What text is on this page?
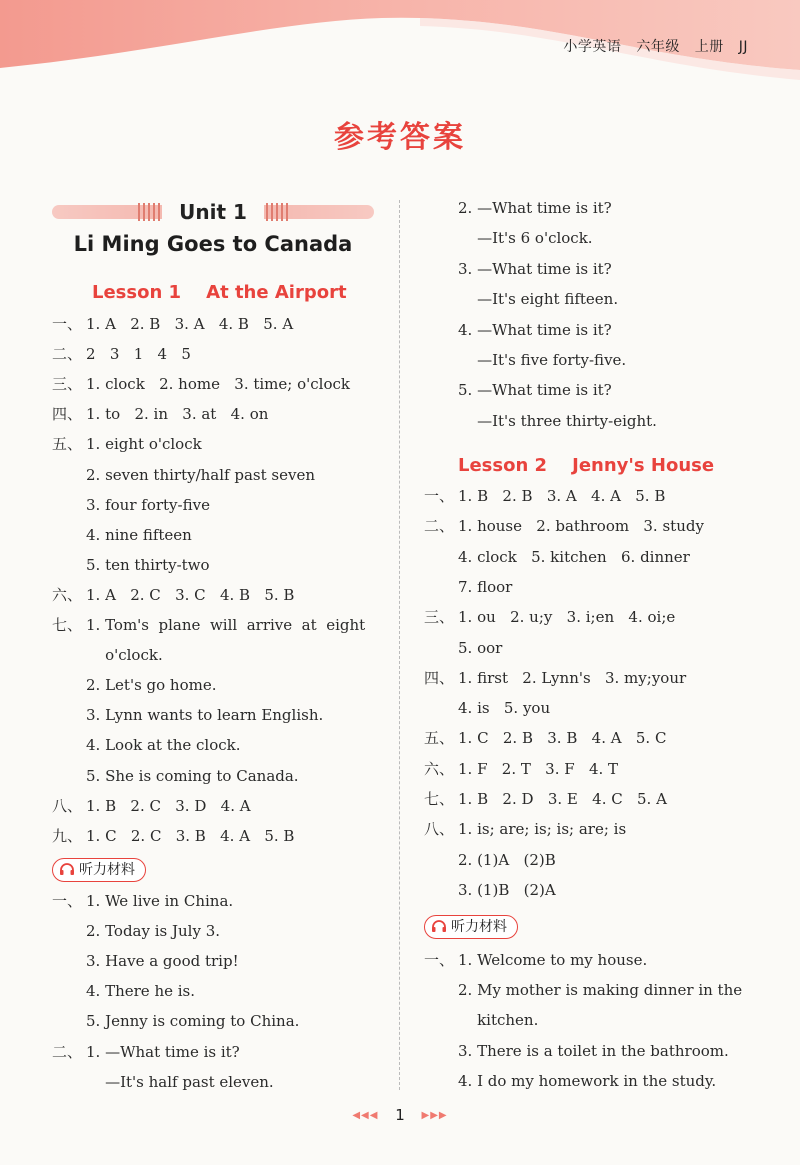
小学英语 六年级 上册 JJ
参考答案
Unit 1
Li Ming Goes to Canada
Lesson 1    At the Airport
一、 1. A   2. B   3. A   4. B   5. A
二、 2   3   1   4   5
三、 1. clock   2. home   3. time; o'clock
四、 1. to   2. in   3. at   4. on
五、 1. eight o'clock
2. seven thirty/half past seven
3. four forty-five
4. nine fifteen
5. ten thirty-two
六、 1. A   2. C   3. C   4. B   5. B
七、 1. Tom's  plane  will  arrive  at  eight
o'clock.
2. Let's go home.
3. Lynn wants to learn English.
4. Look at the clock.
5. She is coming to Canada.
八、 1. B   2. C   3. D   4. A
九、 1. C   2. C   3. B   4. A   5. B
听力材料
一、 1. We live in China.
2. Today is July 3.
3. Have a good trip!
4. There he is.
5. Jenny is coming to China.
二、 1. —What time is it?
—It's half past eleven.
2. —What time is it?
—It's 6 o'clock.
3. —What time is it?
—It's eight fifteen.
4. —What time is it?
—It's five forty-five.
5. —What time is it?
—It's three thirty-eight.
Lesson 2    Jenny's House
一、 1. B   2. B   3. A   4. A   5. B
二、 1. house   2. bathroom   3. study
4. clock   5. kitchen   6. dinner
7. floor
三、 1. ou   2. u;y   3. i;en   4. oi;e
5. oor
四、 1. first   2. Lynn's   3. my;your
4. is   5. you
五、 1. C   2. B   3. B   4. A   5. C
六、 1. F   2. T   3. F   4. T
七、 1. B   2. D   3. E   4. C   5. A
八、 1. is; are; is; is; are; is
2. (1)A   (2)B
3. (1)B   (2)A
听力材料
一、 1. Welcome to my house.
2. My mother is making dinner in the
kitchen.
3. There is a toilet in the bathroom.
4. I do my homework in the study.
◀◀◀ 1 ▶▶▶
